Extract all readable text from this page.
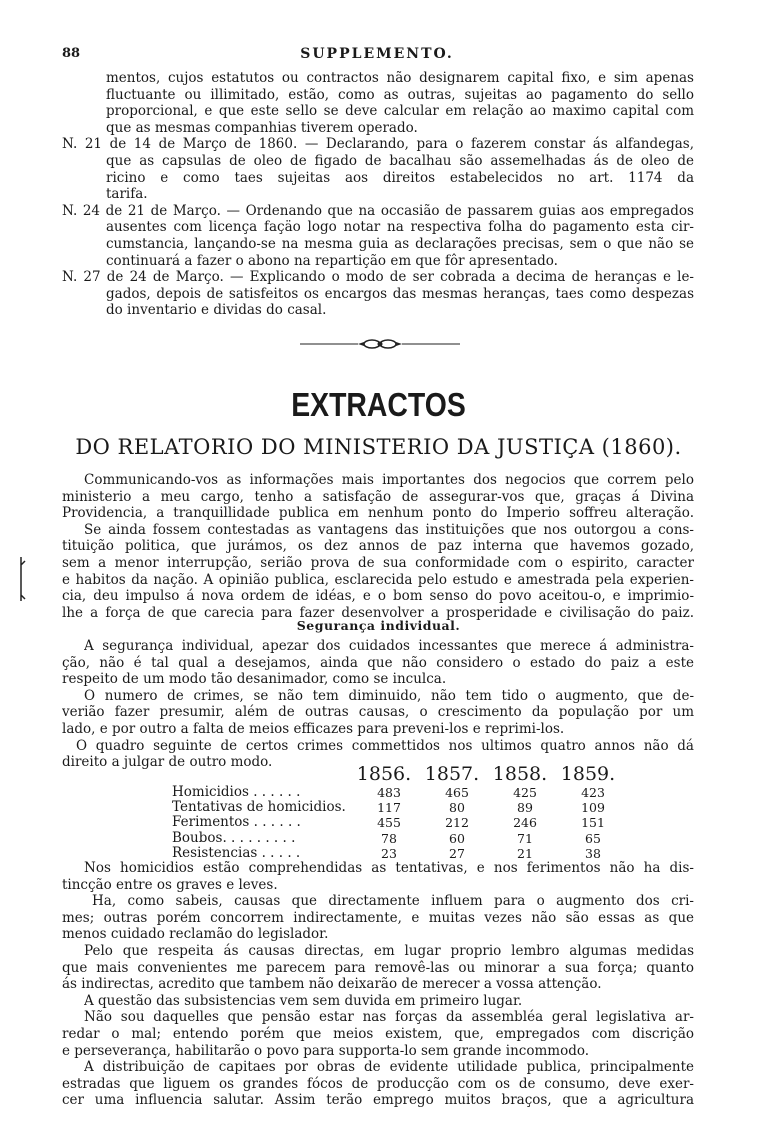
88	SUPPLEMENTO.
mentos, cujos estatutos ou contractos não designarem capital fixo, e sim apenas
fluctuante ou illimitado, estão, como as outras, sujeitas ao pagamento do sello
proporcional, e que este sello se deve calcular em relação ao maximo capital com
que as mesmas companhias tiverem operado.
N. 21 de 14 de Março de 1860. — Declarando, para o fazerem constar ás alfandegas,
que as capsulas de oleo de figado de bacalhau são assemelhadas ás de oleo de
ricino e como taes sujeitas aos direitos estabelecidos no art. 1174 da
tarifa.
N. 24 de 21 de Março. — Ordenando que na occasião de passarem guias aos empregados
ausentes com licença façäo logo notar na respectiva folha do pagamento esta cir-
cumstancia, lançando-se na mesma guia as declarações precisas, sem o que não se
continuará a fazer o abono na repartição em que fôr apresentado.
N. 27 de 24 de Março. — Explicando o modo de ser cobrada a decima de heranças e le-
gados, depois de satisfeitos os encargos das mesmas heranças, taes como despezas
do inventario e dividas do casal.
EXTRACTOS
DO RELATORIO DO MINISTERIO DA JUSTIÇA (1860).
Communicando-vos as informações mais importantes dos negocios que correm pelo
ministerio a meu cargo, tenho a satisfação de assegurar-vos que, graças á Divina
Providencia, a tranquillidade publica em nenhum ponto do Imperio soffreu alteração.
Se ainda fossem contestadas as vantagens das instituições que nos outorgou a cons-
tituição politica, que jurámos, os dez annos de paz interna que havemos gozado,
sem a menor interrupção, serião prova de sua conformidade com o espirito, caracter
e habitos da nação. A opinião publica, esclarecida pelo estudo e amestrada pela experien-
cia, deu impulso á nova ordem de idéas, e o bom senso do povo aceitou-o, e imprimio-
lhe a força de que carecia para fazer desenvolver a prosperidade e civilisação do paiz.
Segurança individual.
A segurança individual, apezar dos cuidados incessantes que merece á administra-
ção, não é tal qual a desejamos, ainda que não considero o estado do paiz a este
respeito de um modo tão desanimador, como se inculca.
O numero de crimes, se não tem diminuido, não tem tido o augmento, que de-
verião fazer presumir, além de outras causas, o crescimento da população por um
lado, e por outro a falta de meios efficazes para preveni-los e reprimi-los.
O quadro seguinte de certos crimes commettidos nos ultimos quatro annos não dá
direito a julgar de outro modo.
	1856.	1857.	1858.	1859.
Homicidios . . . . . .	483	465	425	423
Tentativas de homicidios.	117	80	89	109
Ferimentos . . . . . .	455	212	246	151
Boubos. . . . . . . . .	78	60	71	65
Resistencias . . . . .	23	27	21	38
Nos homicidios estão comprehendidas as tentativas, e nos ferimentos não ha dis-
tincção entre os graves e leves.
Ha, como sabeis, causas que directamente influem para o augmento dos cri-
mes; outras porém concorrem indirectamente, e muitas vezes não são essas as que
menos cuidado reclamão do legislador.
Pelo que respeita ás causas directas, em lugar proprio lembro algumas medidas
que mais convenientes me parecem para removê-las ou minorar a sua força; quanto
ás indirectas, acredito que tambem não deixarão de merecer a vossa attenção.
A questão das subsistencias vem sem duvida em primeiro lugar.
Não sou daquelles que pensão estar nas forças da assembléa geral legislativa ar-
redar o mal; entendo porém que meios existem, que, empregados com discrição
e perseverança, habilitarão o povo para supporta-lo sem grande incommodo.
A distribuição de capitaes por obras de evidente utilidade publica, principalmente
estradas que liguem os grandes fócos de producção com os de consumo, deve exer-
cer uma influencia salutar. Assim terão emprego muitos braços, que a agricultura
